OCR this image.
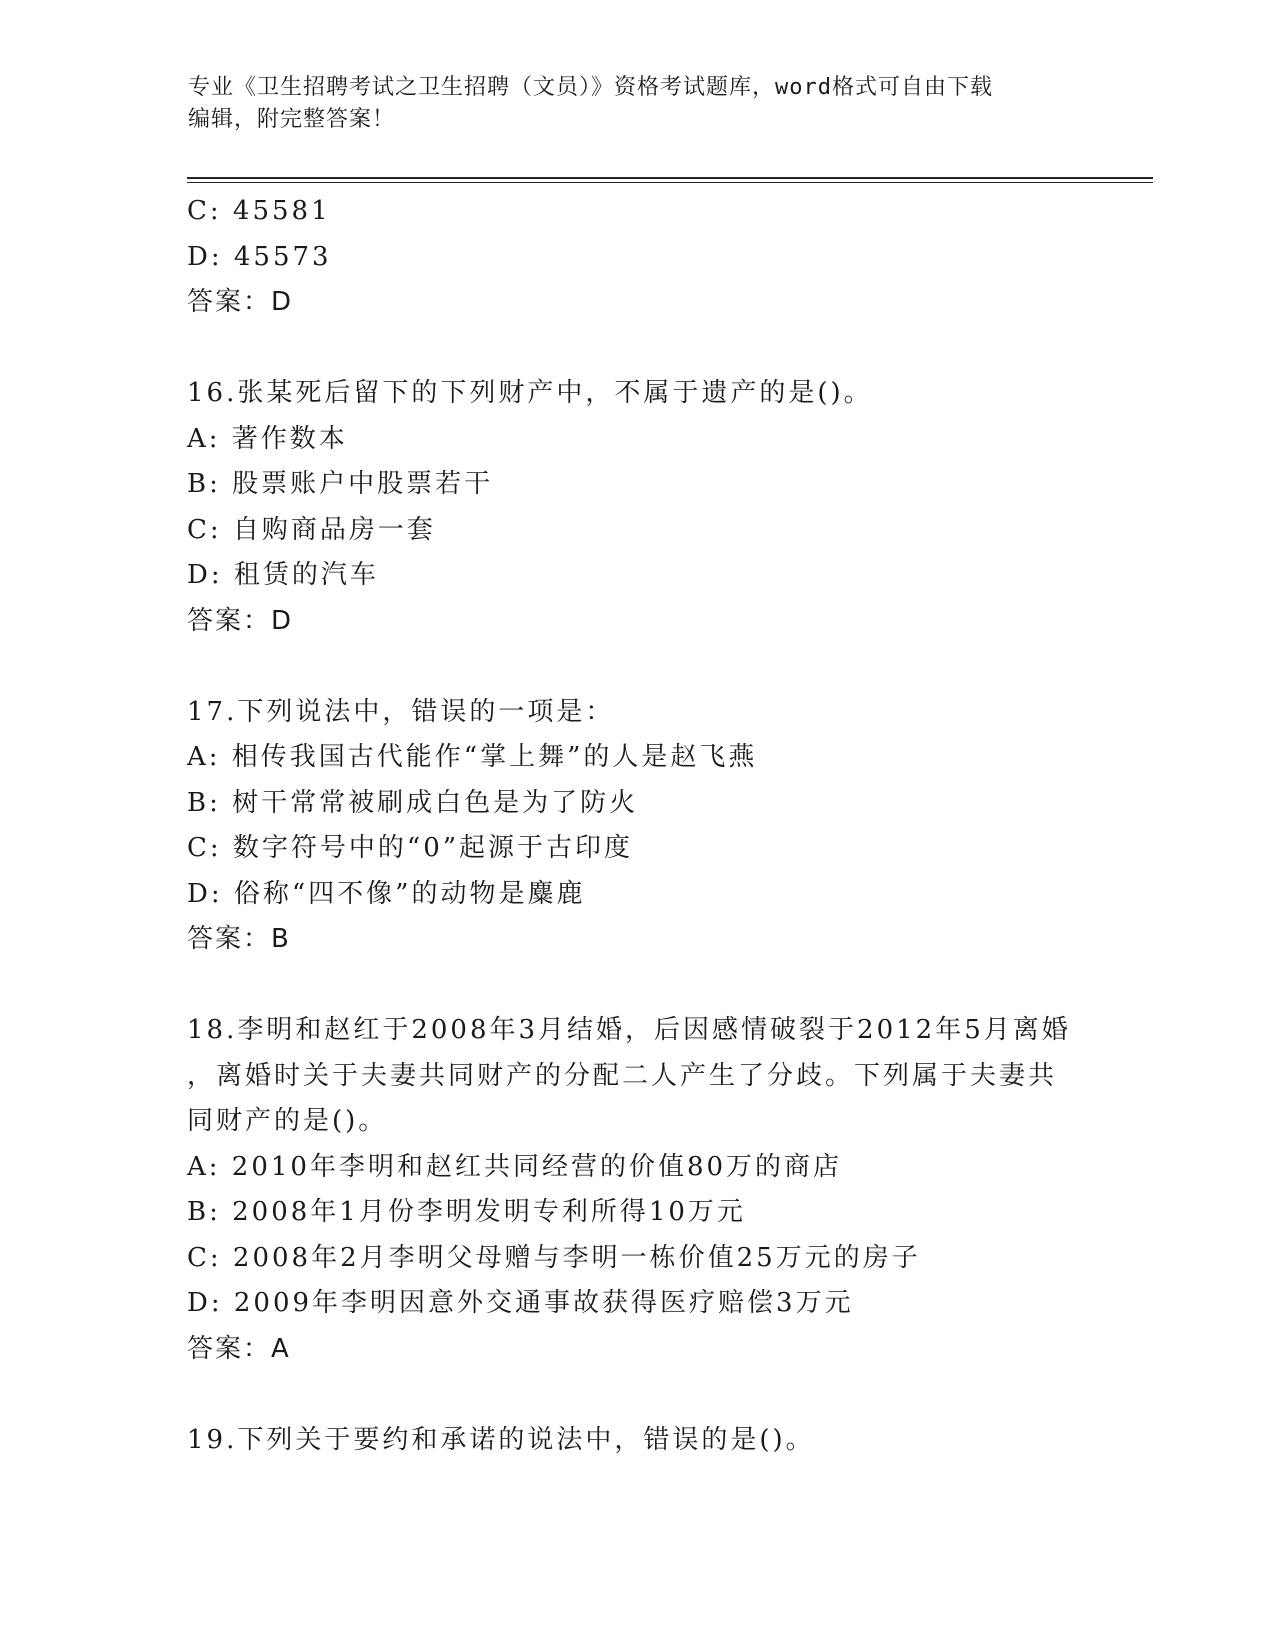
专业《卫生招聘考试之卫生招聘（文员）》资格考试题库，word格式可自由下载
编辑，附完整答案！
C: 45581
D: 45573
答案：D
16.张某死后留下的下列财产中，不属于遗产的是()。
A: 著作数本
B: 股票账户中股票若干
C: 自购商品房一套
D: 租赁的汽车
答案：D
17.下列说法中，错误的一项是：
A: 相传我国古代能作“掌上舞”的人是赵飞燕
B: 树干常常被刷成白色是为了防火
C: 数字符号中的“0”起源于古印度
D: 俗称“四不像”的动物是麋鹿
答案：B
18.李明和赵红于2008年3月结婚，后因感情破裂于2012年5月离婚
，离婚时关于夫妻共同财产的分配二人产生了分歧。下列属于夫妻共
同财产的是()。
A: 2010年李明和赵红共同经营的价值80万的商店
B: 2008年1月份李明发明专利所得10万元
C: 2008年2月李明父母赠与李明一栋价值25万元的房子
D: 2009年李明因意外交通事故获得医疗赔偿3万元
答案：A
19.下列关于要约和承诺的说法中，错误的是()。
